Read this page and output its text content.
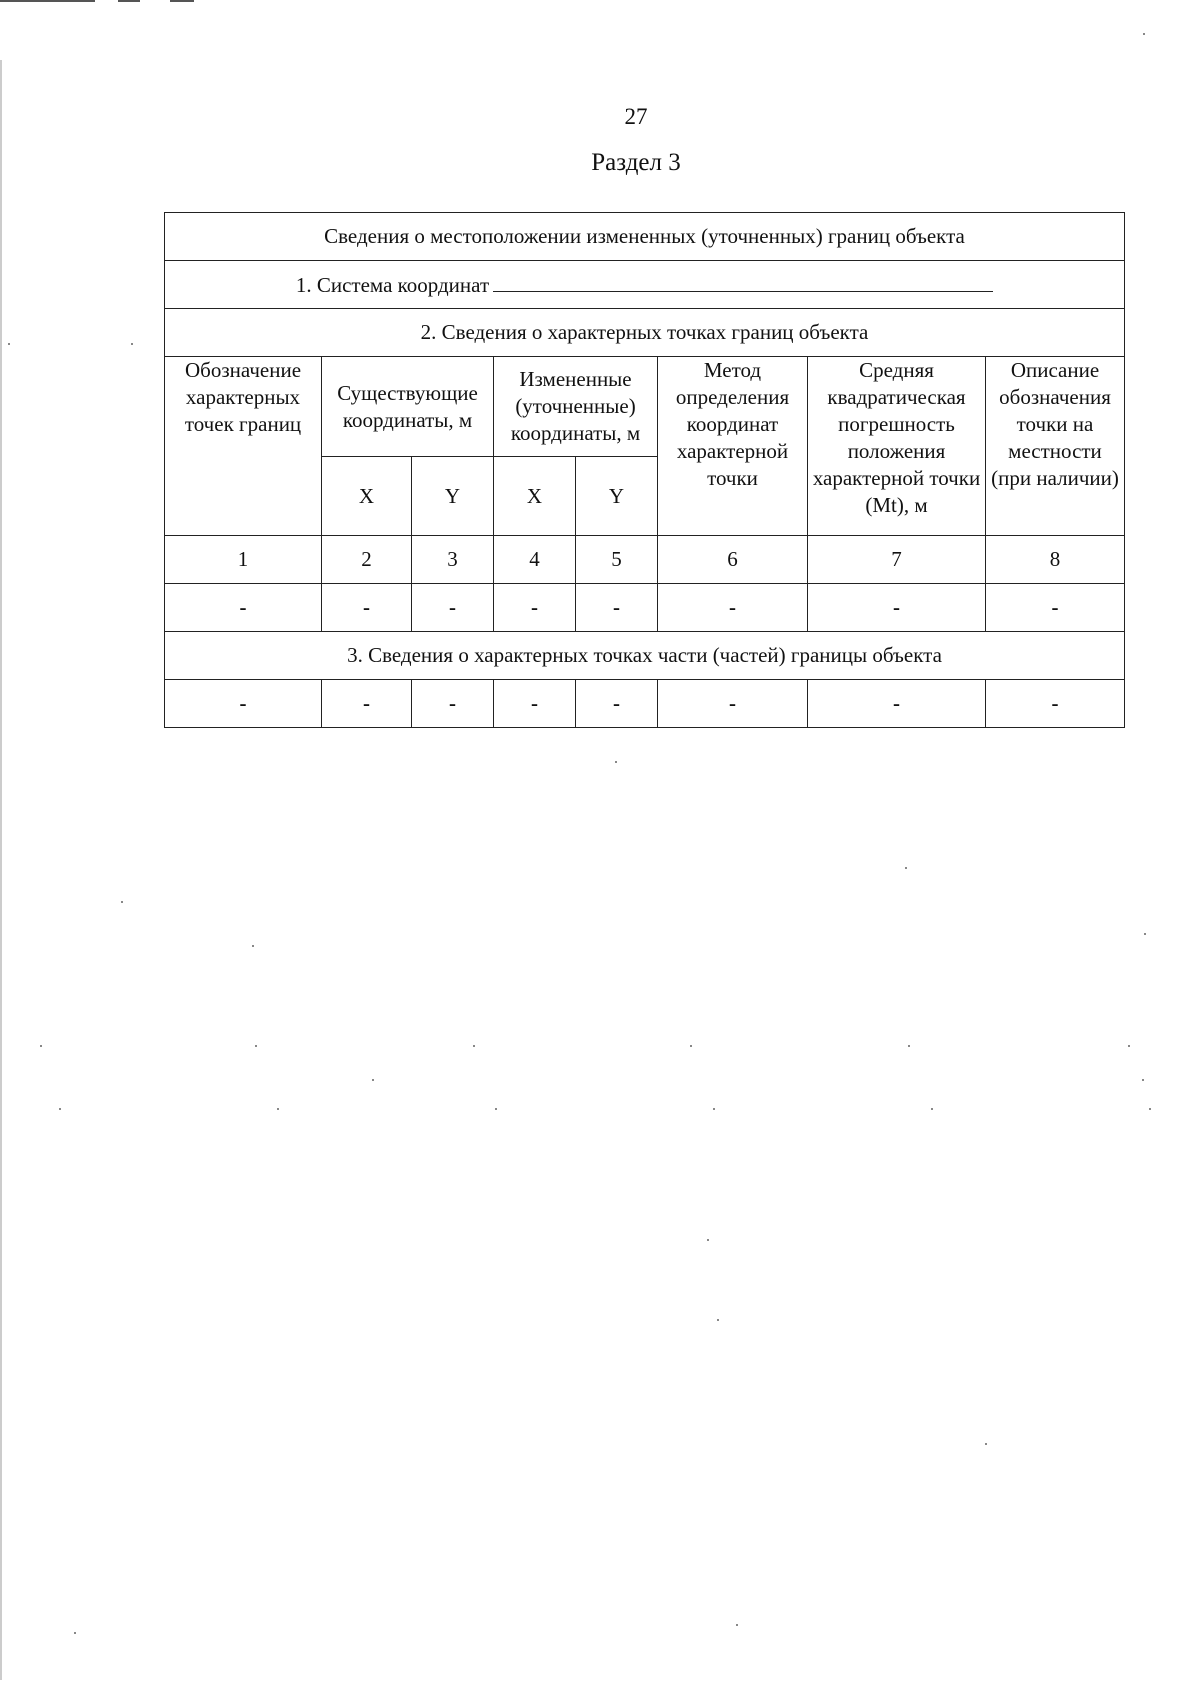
27
Раздел 3
Сведения о местоположении измененных (уточненных) границ объекта							
1. Система координат							
2. Сведения о характерных точках границ объекта							
Обозначение характерных точек границ	Существующие координаты, м		Измененные (уточненные) координаты, м		Метод определения координат характерной точки	Средняя квадратическая погрешность положения характерной точки (Mt), м	Описание обозначения точки на местности (при наличии)
	X	Y	X	Y			
1	2	3	4	5	6	7	8
-	-	-	-	-	-	-	-
3. Сведения о характерных точках части (частей) границы объекта							
-	-	-	-	-	-	-	-
